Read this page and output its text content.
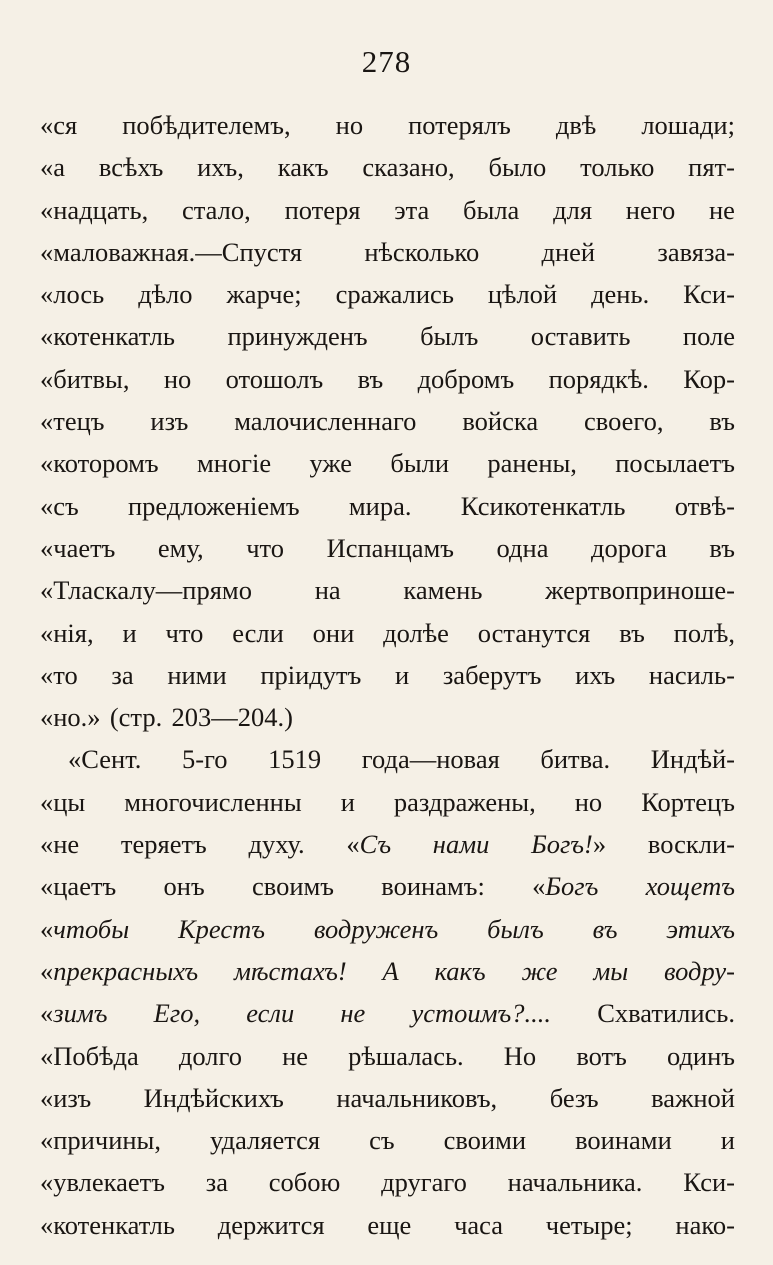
278
«ся побѣдителемъ, но потерялъ двѣ лошади;
«а всѣхъ ихъ, какъ сказано, было только пят-
«надцать, стало, потеря эта была для него не
«маловажная.—Спустя нѣсколько дней завяза-
«лось дѣло жарче; сражались цѣлой день. Кси-
«котенкатль принужденъ былъ оставить поле
«битвы, но отошолъ въ добромъ порядкѣ. Кор-
«тецъ изъ малочисленнаго войска своего, въ
«которомъ многіе уже были ранены, посылаетъ
«съ предложеніемъ мира. Ксикотенкатль отвѣ-
«чаетъ ему, что Испанцамъ одна дорога въ
«Тласкалу—прямо на камень жертвоприноше-
«нія, и что если они долѣе останутся въ полѣ,
«то за ними пріидутъ и заберутъ ихъ насиль-
«но.» (стр. 203—204.)
«Сент. 5-го 1519 года—новая битва. Индѣй-
«цы многочисленны и раздражены, но Кортецъ
«не теряетъ духу. «Съ нами Богъ!» воскли-
«цаетъ онъ своимъ воинамъ: «Богъ хощетъ
«чтобы Крестъ водруженъ былъ въ этихъ
«прекрасныхъ мѣстахъ! А какъ же мы водру-
«зимъ Его, если не устоимъ?.... Схватились.
«Побѣда долго не рѣшалась. Но вотъ одинъ
«изъ Индѣйскихъ начальниковъ, безъ важной
«причины, удаляется съ своими воинами и
«увлекаетъ за собою другаго начальника. Кси-
«котенкатль держится еще часа четыре; нако-
